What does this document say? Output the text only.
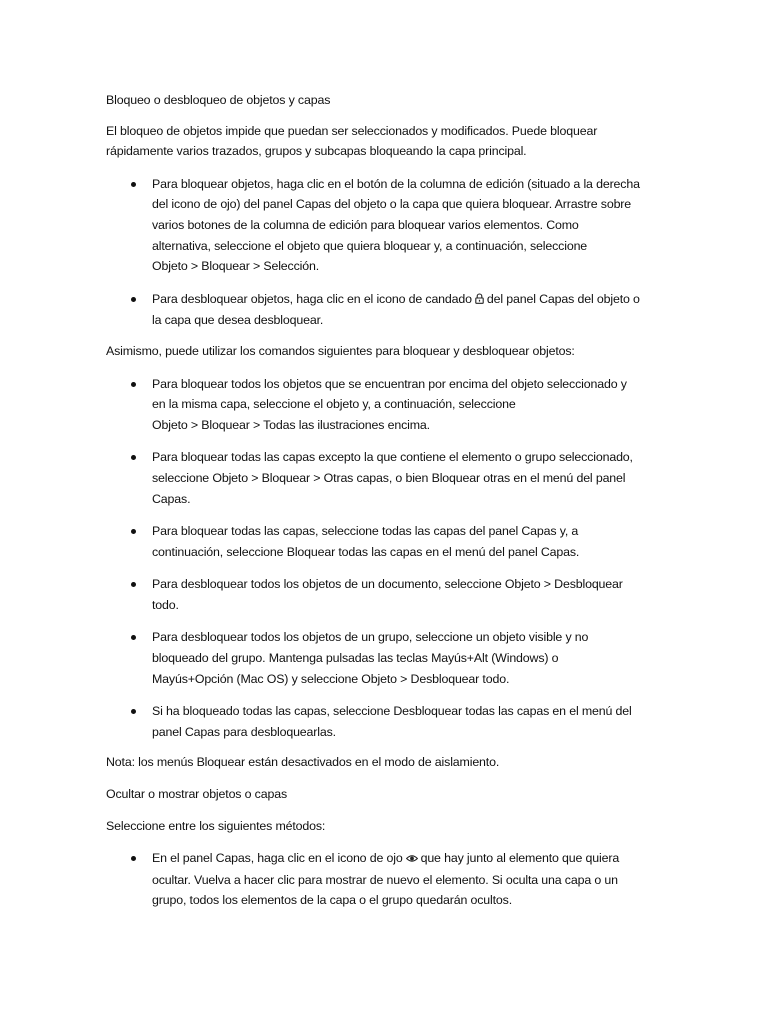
Bloqueo o desbloqueo de objetos y capas

El bloqueo de objetos impide que puedan ser seleccionados y modificados. Puede bloquear rápidamente varios trazados, grupos y subcapas bloqueando la capa principal.

Para bloquear objetos, haga clic en el botón de la columna de edición (situado a la derecha
del icono de ojo) del panel Capas del objeto o la capa que quiera bloquear. Arrastre sobre
varios botones de la columna de edición para bloquear varios elementos. Como
alternativa, seleccione el objeto que quiera bloquear y, a continuación, seleccione
Objeto > Bloquear > Selección.
Para desbloquear objetos, haga clic en el icono de candado del panel Capas del objeto o
la capa que desea desbloquear.

Asimismo, puede utilizar los comandos siguientes para bloquear y desbloquear objetos:

Para bloquear todos los objetos que se encuentran por encima del objeto seleccionado y
en la misma capa, seleccione el objeto y, a continuación, seleccione
Objeto > Bloquear > Todas las ilustraciones encima.
Para bloquear todas las capas excepto la que contiene el elemento o grupo seleccionado,
seleccione Objeto > Bloquear > Otras capas, o bien Bloquear otras en el menú del panel
Capas.
Para bloquear todas las capas, seleccione todas las capas del panel Capas y, a
continuación, seleccione Bloquear todas las capas en el menú del panel Capas.
Para desbloquear todos los objetos de un documento, seleccione Objeto > Desbloquear
todo.
Para desbloquear todos los objetos de un grupo, seleccione un objeto visible y no
bloqueado del grupo. Mantenga pulsadas las teclas Mayús+Alt (Windows) o
Mayús+Opción (Mac OS) y seleccione Objeto > Desbloquear todo.
Si ha bloqueado todas las capas, seleccione Desbloquear todas las capas en el menú del
panel Capas para desbloquearlas.

Nota: los menús Bloquear están desactivados en el modo de aislamiento.

Ocultar o mostrar objetos o capas

Seleccione entre los siguientes métodos:

En el panel Capas, haga clic en el icono de ojo que hay junto al elemento que quiera
ocultar. Vuelva a hacer clic para mostrar de nuevo el elemento. Si oculta una capa o un
grupo, todos los elementos de la capa o el grupo quedarán ocultos.
